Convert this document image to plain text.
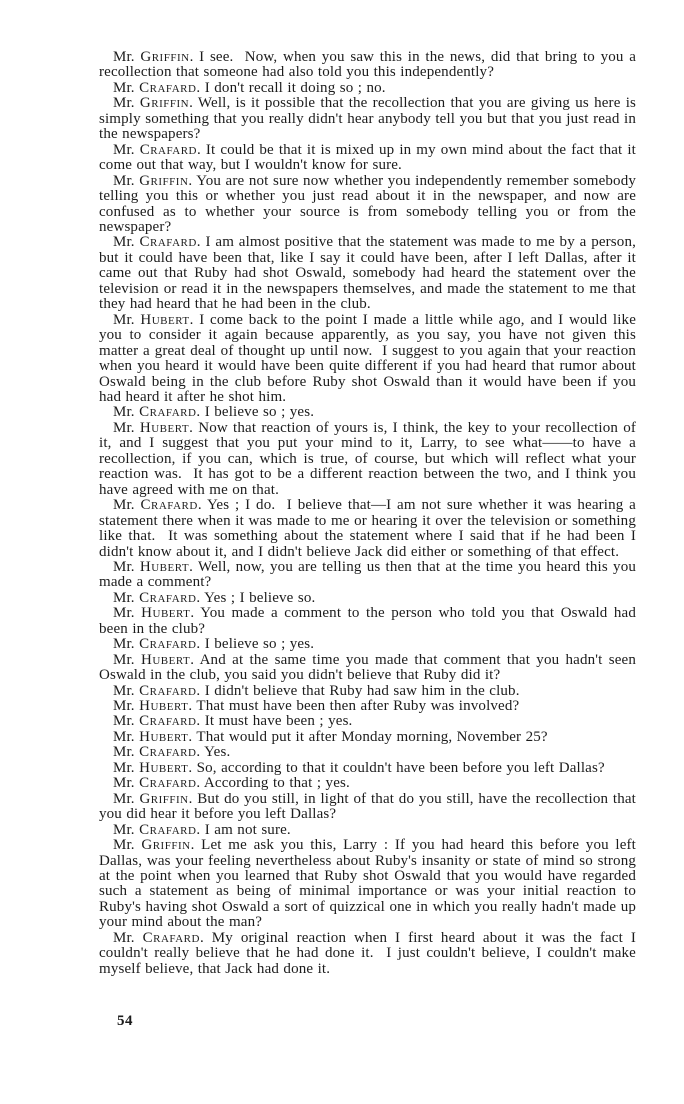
Mr. Griffin. I see.  Now, when you saw this in the news, did that bring to you a recollection that someone had also told you this independently?

Mr. Crafard. I don't recall it doing so ; no.

Mr. Griffin. Well, is it possible that the recollection that you are giving us here is simply something that you really didn't hear anybody tell you but that you just read in the newspapers?

Mr. Crafard. It could be that it is mixed up in my own mind about the fact that it come out that way, but I wouldn't know for sure.

Mr. Griffin. You are not sure now whether you independently remember somebody telling you this or whether you just read about it in the newspaper, and now are confused as to whether your source is from somebody telling you or from the newspaper?

Mr. Crafard. I am almost positive that the statement was made to me by a person, but it could have been that, like I say it could have been, after I left Dallas, after it came out that Ruby had shot Oswald, somebody had heard the statement over the television or read it in the newspapers themselves, and made the statement to me that they had heard that he had been in the club.

Mr. Hubert. I come back to the point I made a little while ago, and I would like you to consider it again because apparently, as you say, you have not given this matter a great deal of thought up until now.  I suggest to you again that your reaction when you heard it would have been quite different if you had heard that rumor about Oswald being in the club before Ruby shot Oswald than it would have been if you had heard it after he shot him.

Mr. Crafard. I believe so ; yes.

Mr. Hubert. Now that reaction of yours is, I think, the key to your recollection of it, and I suggest that you put your mind to it, Larry, to see what——to have a recollection, if you can, which is true, of course, but which will reflect what your reaction was.  It has got to be a different reaction between the two, and I think you have agreed with me on that.

Mr. Crafard. Yes ; I do.  I believe that—I am not sure whether it was hearing a statement there when it was made to me or hearing it over the television or something like that.  It was something about the statement where I said that if he had been I didn't know about it, and I didn't believe Jack did either or something of that effect.

Mr. Hubert. Well, now, you are telling us then that at the time you heard this you made a comment?

Mr. Crafard. Yes ; I believe so.

Mr. Hubert. You made a comment to the person who told you that Oswald had been in the club?

Mr. Crafard. I believe so ; yes.

Mr. Hubert. And at the same time you made that comment that you hadn't seen Oswald in the club, you said you didn't believe that Ruby did it?

Mr. Crafard. I didn't believe that Ruby had saw him in the club.

Mr. Hubert. That must have been then after Ruby was involved?

Mr. Crafard. It must have been ; yes.

Mr. Hubert. That would put it after Monday morning, November 25?

Mr. Crafard. Yes.

Mr. Hubert. So, according to that it couldn't have been before you left Dallas?

Mr. Crafard. According to that ; yes.

Mr. Griffin. But do you still, in light of that do you still, have the recollection that you did hear it before you left Dallas?

Mr. Crafard. I am not sure.

Mr. Griffin. Let me ask you this, Larry : If you had heard this before you left Dallas, was your feeling nevertheless about Ruby's insanity or state of mind so strong at the point when you learned that Ruby shot Oswald that you would have regarded such a statement as being of minimal importance or was your initial reaction to Ruby's having shot Oswald a sort of quizzical one in which you really hadn't made up your mind about the man?

Mr. Crafard. My original reaction when I first heard about it was the fact I couldn't really believe that he had done it.  I just couldn't believe, I couldn't make myself believe, that Jack had done it.

54
